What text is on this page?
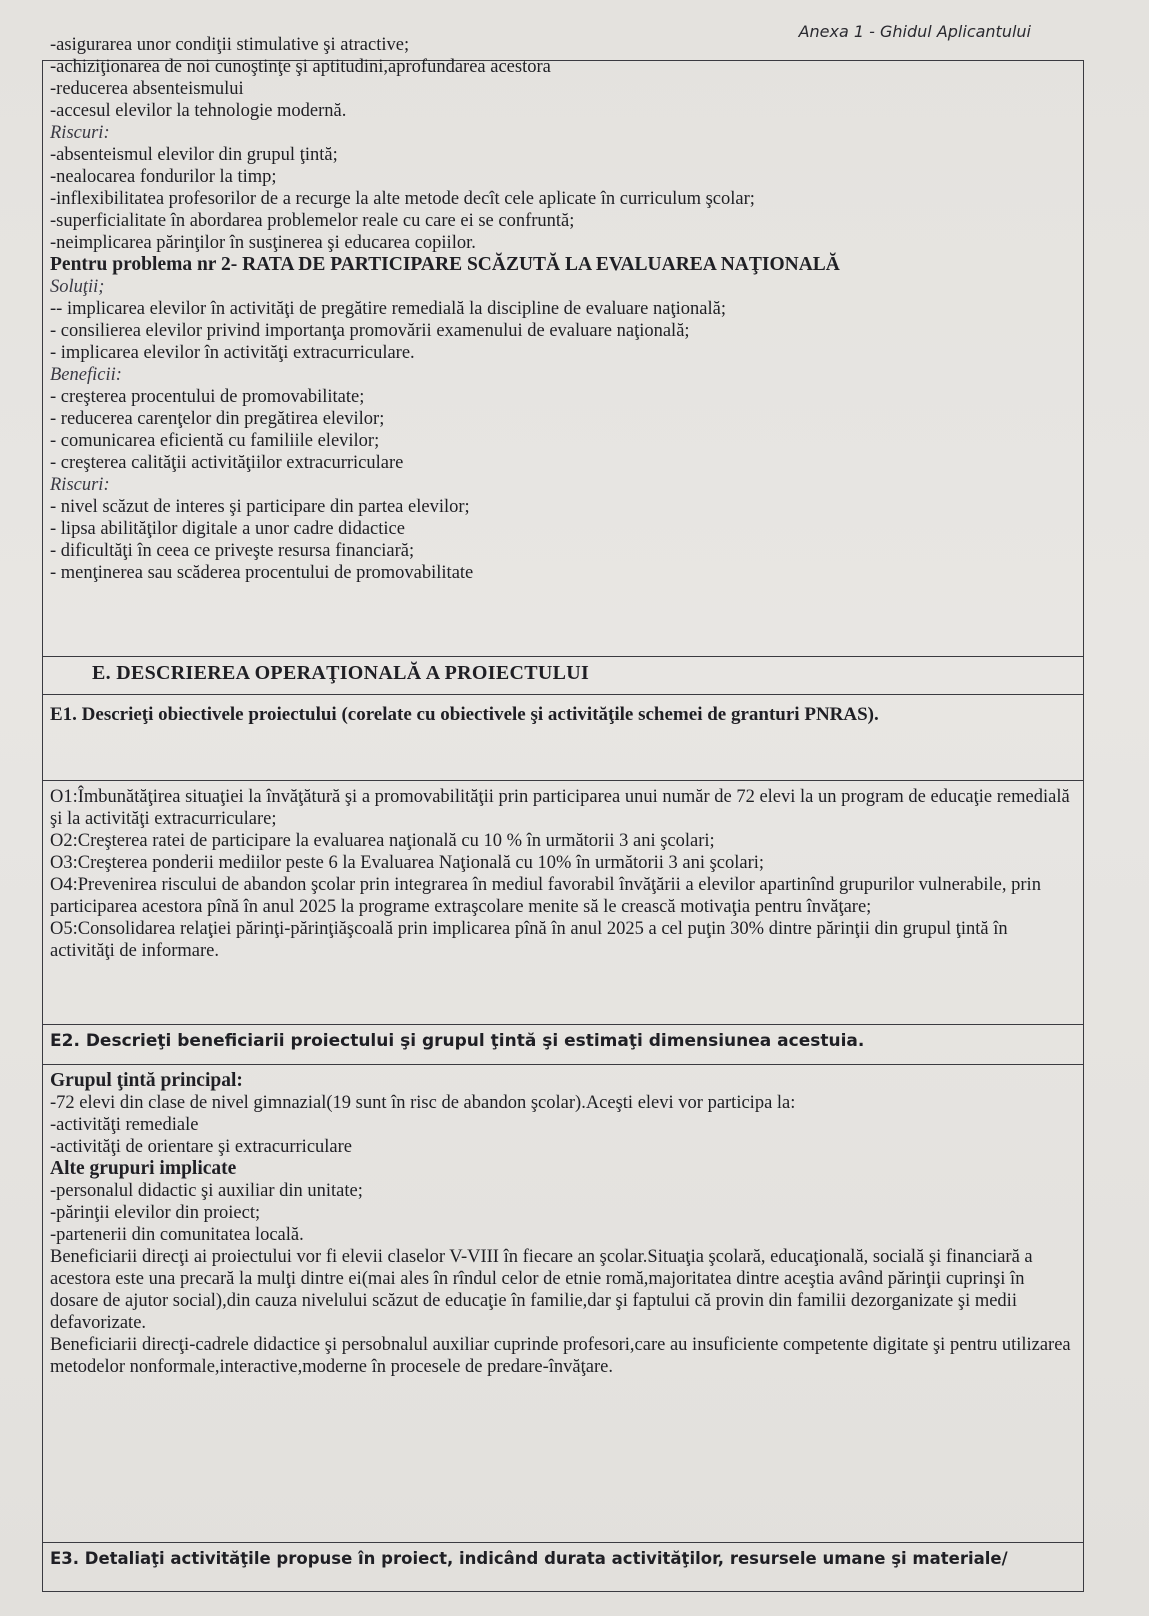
Anexa 1 - Ghidul Aplicantului
-asigurarea unor condiţii stimulative şi atractive;
-achiziţionarea de noi cunoştinţe şi aptitudini,aprofundarea acestora
-reducerea absenteismului
-accesul elevilor la tehnologie modernă.
Riscuri:
-absenteismul elevilor din grupul ţintă;
-nealocarea fondurilor la timp;
-inflexibilitatea profesorilor de a recurge la alte metode decît cele aplicate în curriculum şcolar;
-superficialitate în abordarea problemelor reale cu care ei se confruntă;
-neimplicarea părinţilor în susţinerea şi educarea copiilor.
Pentru problema nr 2- RATA DE PARTICIPARE SCĂZUTĂ LA EVALUAREA NAŢIONALĂ
Soluţii;
-- implicarea elevilor în activităţi de pregătire remedială la discipline de evaluare naţională;
- consilierea elevilor privind importanţa promovării examenului de evaluare naţională;
- implicarea elevilor în activităţi extracurriculare.
Beneficii:
- creşterea procentului de promovabilitate;
- reducerea carenţelor din pregătirea elevilor;
- comunicarea eficientă cu familiile elevilor;
- creşterea calităţii activităţiilor extracurriculare
Riscuri:
- nivel scăzut de interes şi participare din partea elevilor;
- lipsa abilităţilor digitale a unor cadre didactice
- dificultăţi în ceea ce priveşte resursa financiară;
- menţinerea sau scăderea procentului de promovabilitate
E. DESCRIEREA OPERAŢIONALĂ A PROIECTULUI
E1. Descrieţi obiectivele proiectului (corelate cu obiectivele şi activităţile schemei de granturi PNRAS).
O1:Îmbunătăţirea situaţiei la învăţătură şi a promovabilităţii prin participarea unui număr de 72 elevi la un program de educaţie remedială şi la activităţi extracurriculare;
O2:Creşterea ratei de participare la evaluarea naţională cu 10 % în următorii 3 ani şcolari;
O3:Creşterea ponderii mediilor peste 6 la Evaluarea Naţională cu 10% în următorii 3 ani şcolari;
O4:Prevenirea riscului de abandon şcolar prin integrarea în mediul favorabil învăţării a elevilor apartinînd grupurilor vulnerabile, prin participarea acestora pînă în anul 2025 la programe extraşcolare menite să le crească motivaţia pentru învăţare;
O5:Consolidarea relaţiei părinţi-părinţiăşcoală prin implicarea pînă în anul 2025 a cel puţin 30% dintre părinţii din grupul ţintă în activităţi de informare.
E2. Descrieţi beneficiarii proiectului şi grupul ţintă şi estimaţi dimensiunea acestuia.
Grupul ţintă principal:
-72 elevi din clase de nivel gimnazial(19 sunt în risc de abandon şcolar).Aceşti elevi vor participa la:
-activităţi remediale
-activităţi de orientare şi extracurriculare
Alte grupuri implicate
-personalul didactic şi auxiliar din unitate;
-părinţii elevilor din proiect;
-partenerii din comunitatea locală.
Beneficiarii direcţi ai proiectului vor fi elevii claselor V-VIII în fiecare an şcolar.Situaţia şcolară, educaţională, socială şi financiară a acestora este una precară la mulţi dintre ei(mai ales în rîndul celor de etnie romă,majoritatea dintre aceştia având părinţii cuprinşi în dosare de ajutor social),din cauza nivelului scăzut de educaţie în familie,dar şi faptului că provin din familii dezorganizate şi medii defavorizate.
Beneficiarii direcţi-cadrele didactice şi persobnalul auxiliar cuprinde profesori,care au insuficiente competente digitate şi pentru utilizarea metodelor nonformale,interactive,moderne în procesele de predare-învăţare.
E3. Detaliaţi activităţile propuse în proiect, indicând durata activităţilor, resursele umane şi materiale/
